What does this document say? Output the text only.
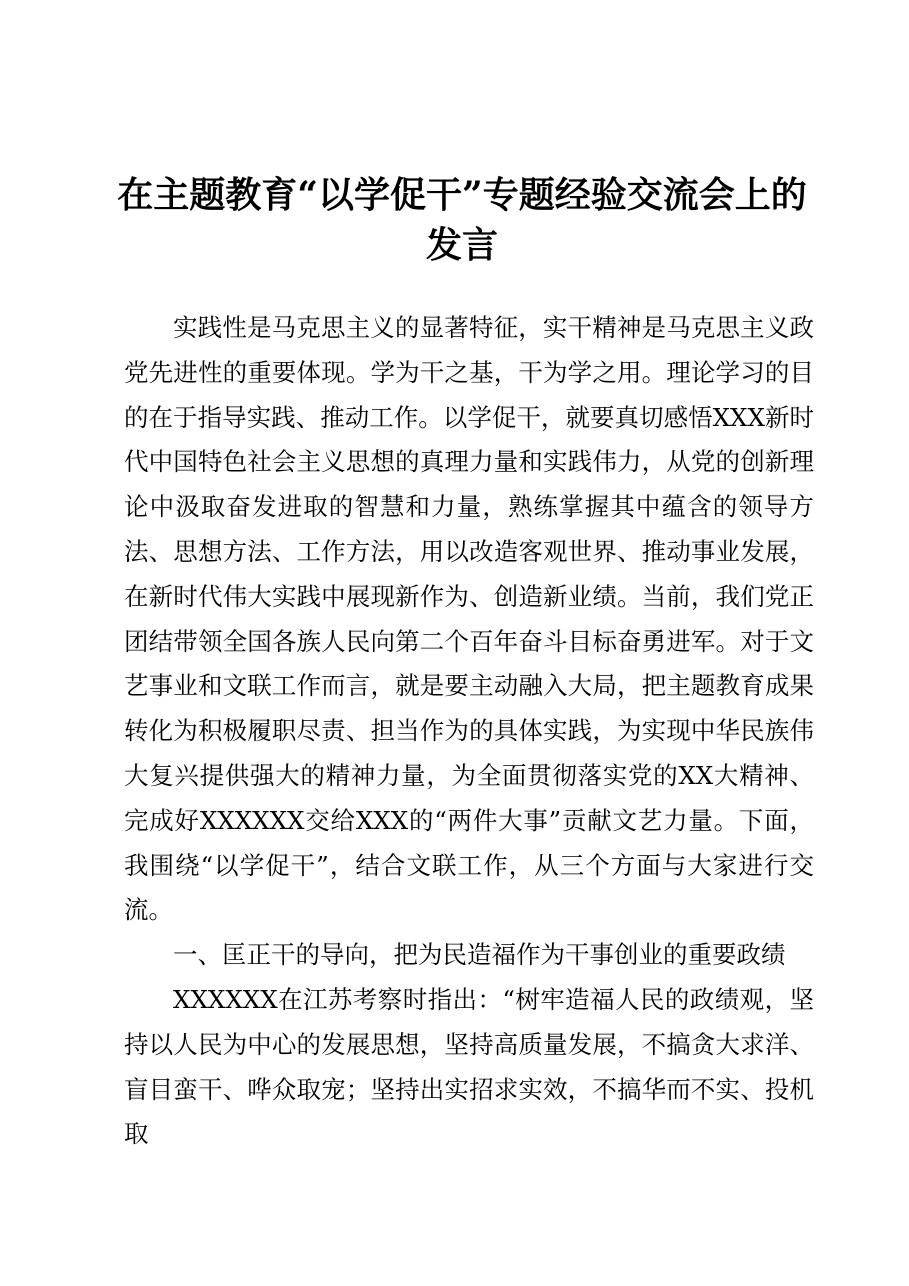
在主题教育“以学促干”专题经验交流会上的发言

实践性是马克思主义的显著特征，实干精神是马克思主义政党先进性的重要体现。学为干之基，干为学之用。理论学习的目的在于指导实践、推动工作。以学促干，就要真切感悟XXX新时代中国特色社会主义思想的真理力量和实践伟力，从党的创新理论中汲取奋发进取的智慧和力量，熟练掌握其中蕴含的领导方法、思想方法、工作方法，用以改造客观世界、推动事业发展，在新时代伟大实践中展现新作为、创造新业绩。当前，我们党正团结带领全国各族人民向第二个百年奋斗目标奋勇进军。对于文艺事业和文联工作而言，就是要主动融入大局，把主题教育成果转化为积极履职尽责、担当作为的具体实践，为实现中华民族伟大复兴提供强大的精神力量，为全面贯彻落实党的XX大精神、完成好XXXXXX交给XXX的“两件大事”贡献文艺力量。下面，我围绕“以学促干”，结合文联工作，从三个方面与大家进行交流。

一、匡正干的导向，把为民造福作为干事创业的重要政绩

XXXXXX在江苏考察时指出：“树牢造福人民的政绩观，坚持以人民为中心的发展思想，坚持高质量发展，不搞贪大求洋、盲目蛮干、哗众取宠；坚持出实招求实效，不搞华而不实、投机取
